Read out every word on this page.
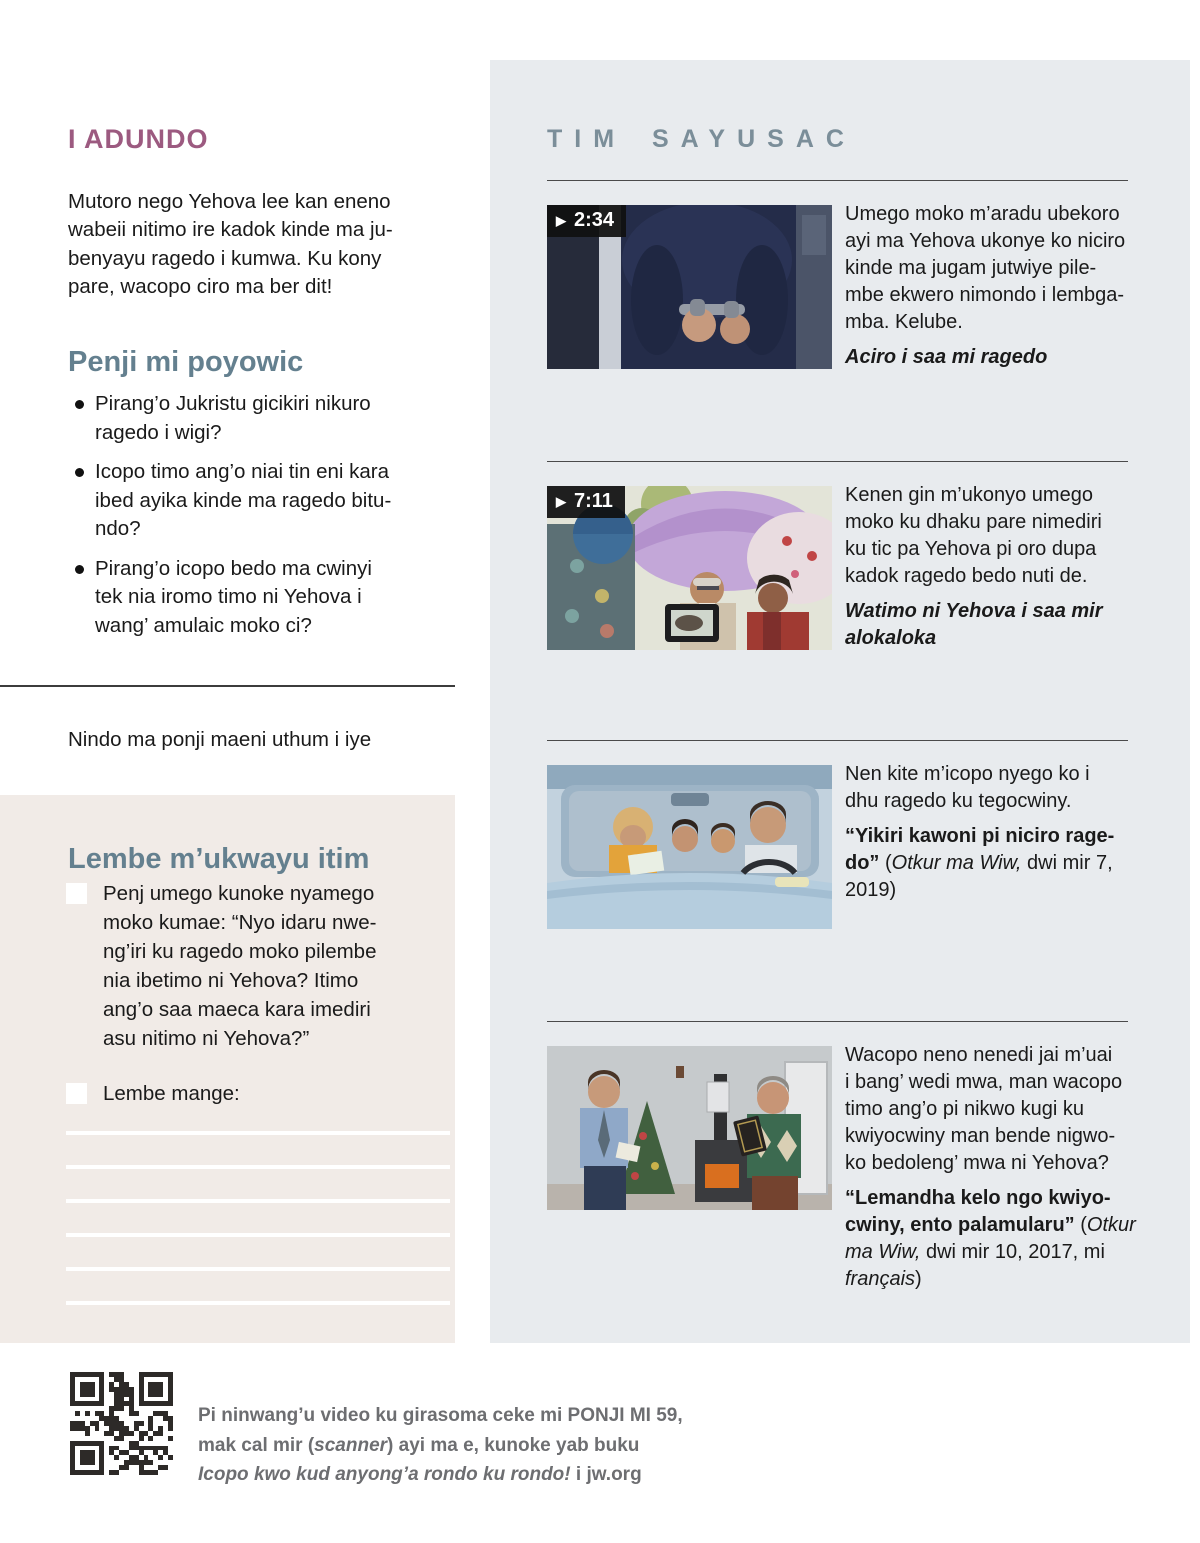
I ADUNDO

Mutoro nego Yehova lee kan eneno
wabeii nitimo ire kadok kinde ma ju-
benyayu ragedo i kumwa. Ku kony
pare, wacopo ciro ma ber dit!

Penji mi poyowic
Pirang’o Jukristu gicikiri nikuro
ragedo i wigi?
Icopo timo ang’o niai tin eni kara
ibed ayika kinde ma ragedo bitu-
ndo?
Pirang’o icopo bedo ma cwinyi
tek nia iromo timo ni Yehova i
wang’ amulaic moko ci?

Nindo ma ponji maeni uthum i iye

Lembe m’ukwayu itim
Penj umego kunoke nyamego
moko kumae: “Nyo idaru nwe-
ng’iri ku ragedo moko pilembe
nia ibetimo ni Yehova? Itimo
ang’o saa maeca kara imediri
asu nitimo ni Yehova?”
Lembe mange:
Pi ninwang’u video ku girasoma ceke mi PONJI MI 59,
mak cal mir (scanner) ayi ma e, kunoke yab buku
Icopo kwo kud anyong’a rondo ku rondo! i jw.org
TIM SAYUSAC
▶ 2:34	Umego moko m’aradu ubekoro
ayi ma Yehova ukonye ko niciro
kinde ma jugam jutwiye pile-
mbe ekwero nimondo i lembga-
mba. Kelube.

Aciro i saa mi ragedo

▶ 7:11	Kenen gin m’ukonyo umego
moko ku dhaku pare nimediri
ku tic pa Yehova pi oro dupa
kadok ragedo bedo nuti de.

Watimo ni Yehova i saa mir
alokaloka

Nen kite m’icopo nyego ko i
dhu ragedo ku tegocwiny.

“Yikiri kawoni pi niciro rage-
do” (Otkur ma Wiw, dwi mir 7,
2019)

Wacopo neno nenedi jai m’uai
i bang’ wedi mwa, man wacopo
timo ang’o pi nikwo kugi ku
kwiyocwiny man bende nigwo-
ko bedoleng’ mwa ni Yehova?

“Lemandha kelo ngo kwiyo-
cwiny, ento palamularu” (Otkur
ma Wiw, dwi mir 10, 2017, mi
français)
